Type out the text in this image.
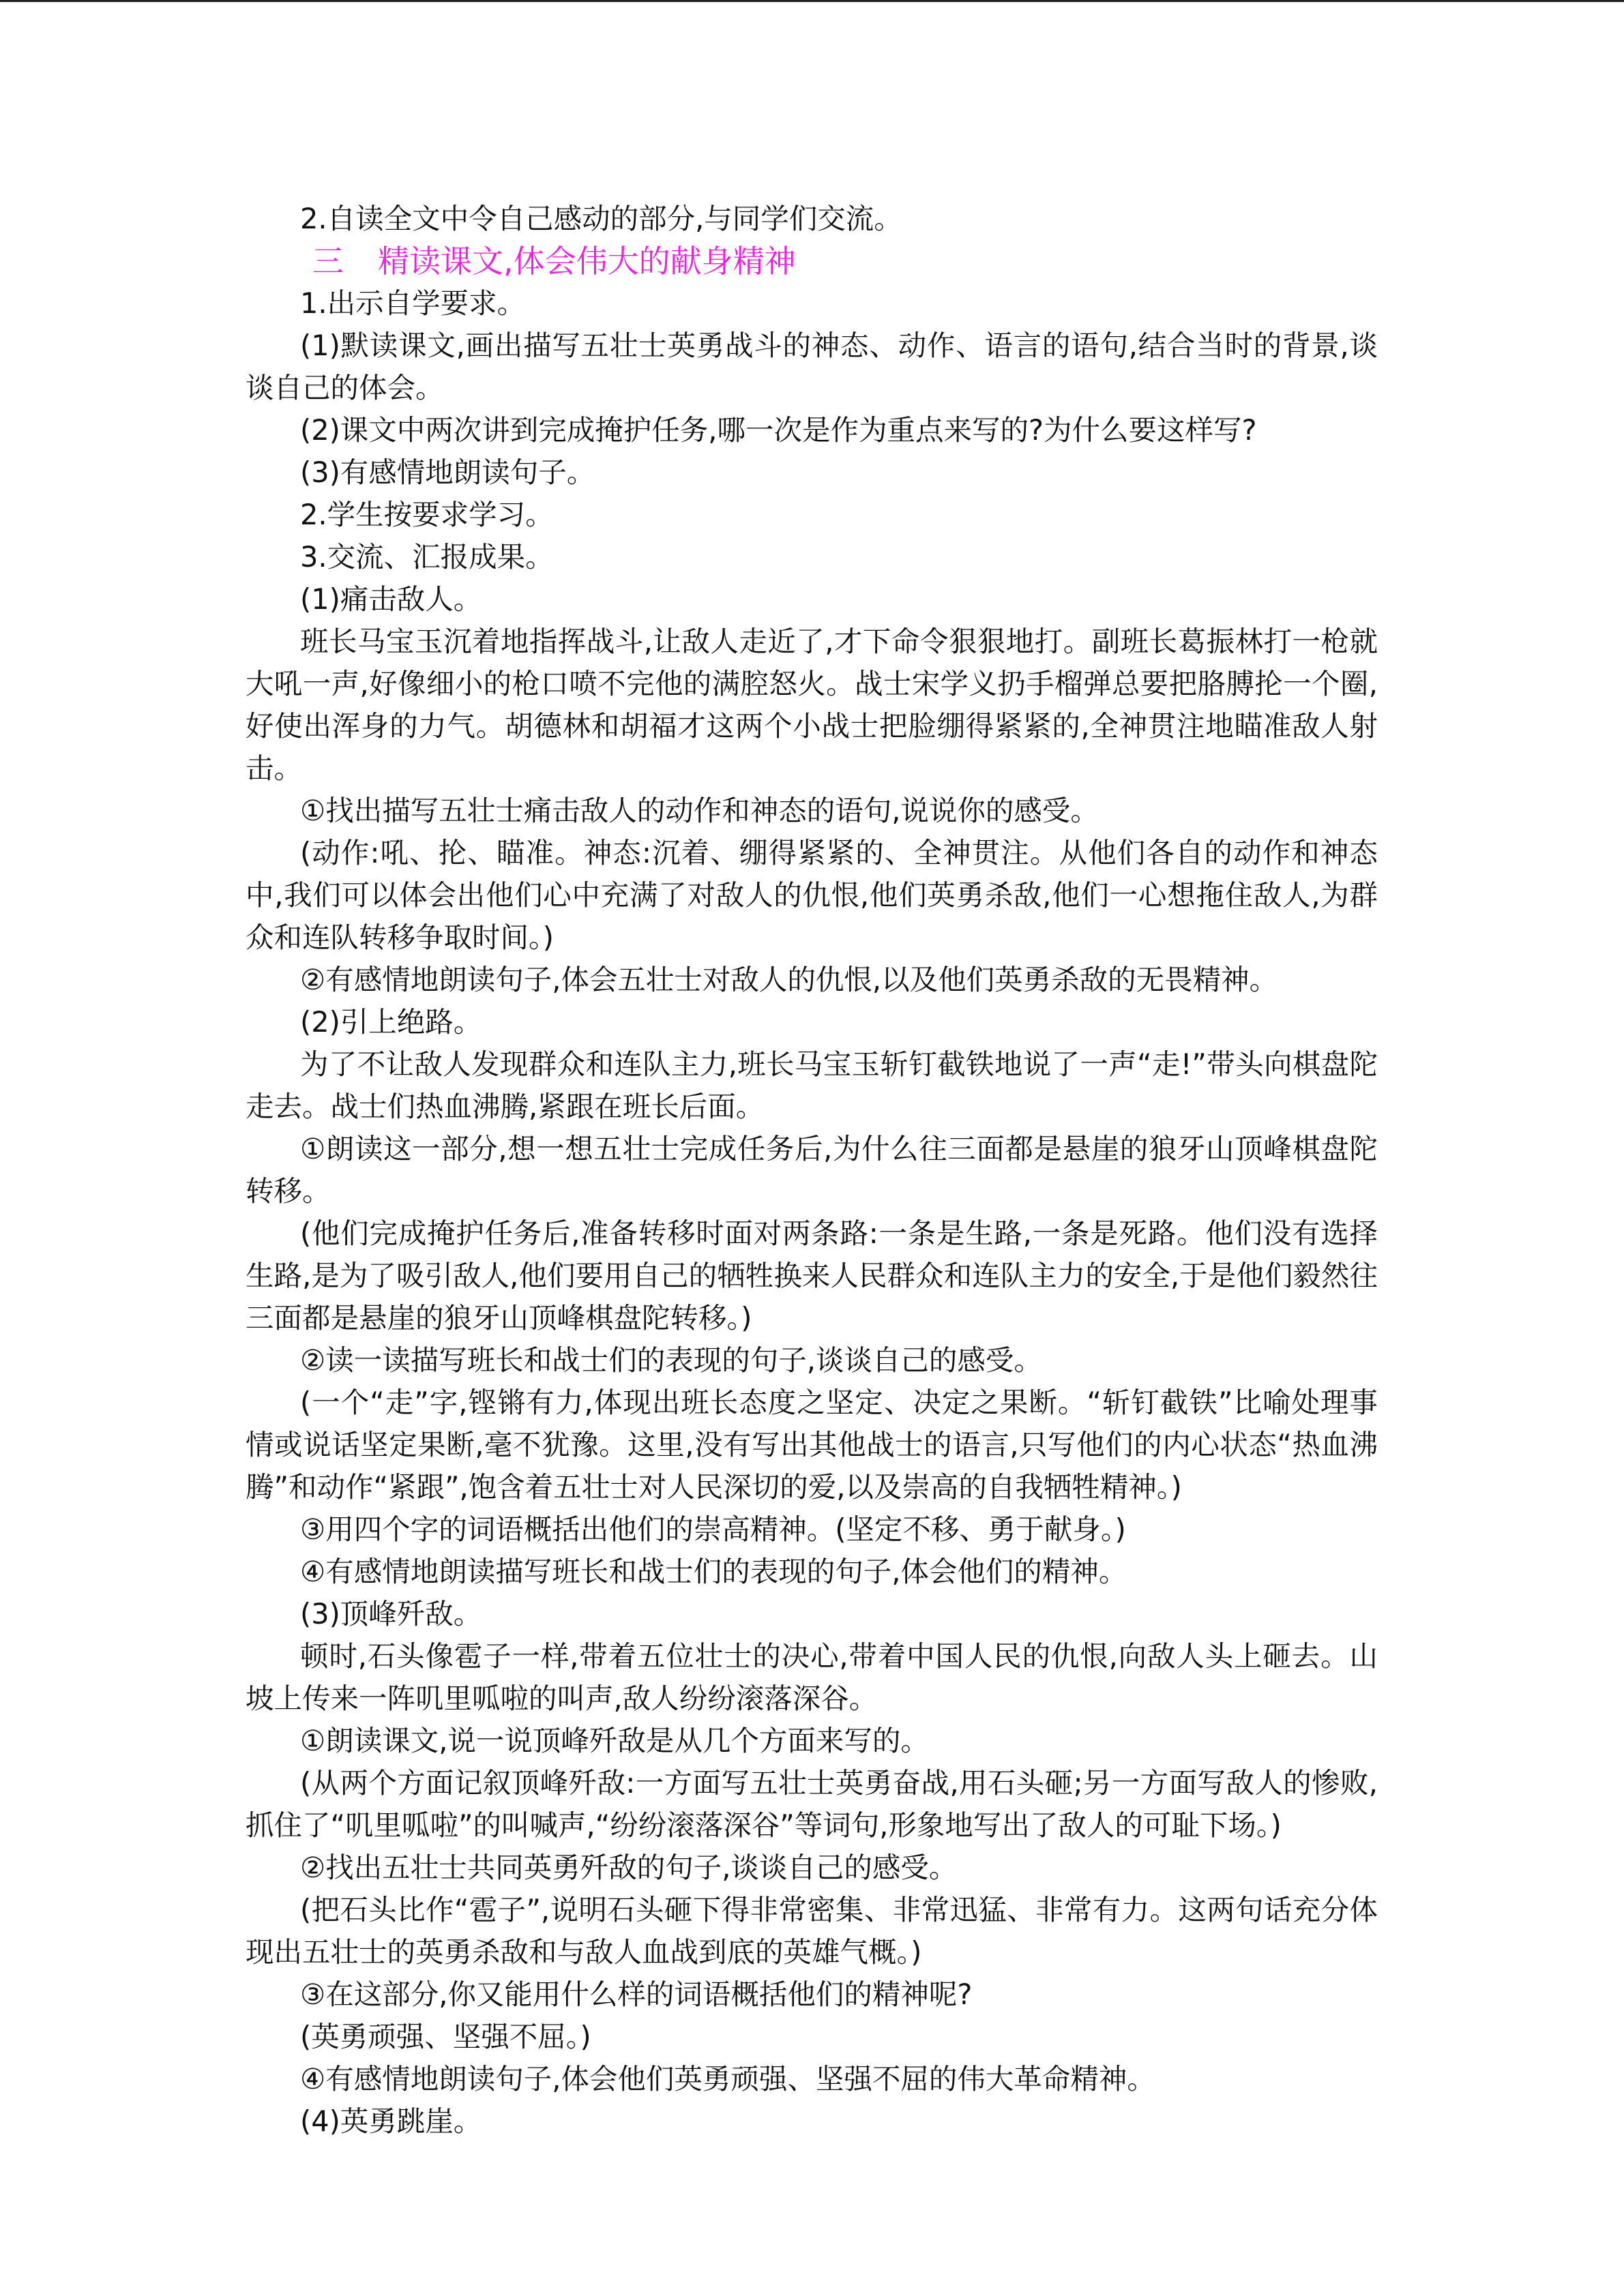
2.自读全文中令自己感动的部分,与同学们交流。

三 精读课文,体会伟大的献身精神

1.出示自学要求。

(1)默读课文,画出描写五壮士英勇战斗的神态、动作、语言的语句,结合当时的背景,谈谈自己的体会。

(2)课文中两次讲到完成掩护任务,哪一次是作为重点来写的?为什么要这样写?

(3)有感情地朗读句子。

2.学生按要求学习。

3.交流、汇报成果。

(1)痛击敌人。

班长马宝玉沉着地指挥战斗,让敌人走近了,才下命令狠狠地打。副班长葛振林打一枪就大吼一声,好像细小的枪口喷不完他的满腔怒火。战士宋学义扔手榴弹总要把胳膊抡一个圈,好使出浑身的力气。胡德林和胡福才这两个小战士把脸绷得紧紧的,全神贯注地瞄准敌人射击。

①找出描写五壮士痛击敌人的动作和神态的语句,说说你的感受。

(动作:吼、抡、瞄准。神态:沉着、绷得紧紧的、全神贯注。从他们各自的动作和神态中,我们可以体会出他们心中充满了对敌人的仇恨,他们英勇杀敌,他们一心想拖住敌人,为群众和连队转移争取时间。)

②有感情地朗读句子,体会五壮士对敌人的仇恨,以及他们英勇杀敌的无畏精神。

(2)引上绝路。

为了不让敌人发现群众和连队主力,班长马宝玉斩钉截铁地说了一声“走!”带头向棋盘陀走去。战士们热血沸腾,紧跟在班长后面。

①朗读这一部分,想一想五壮士完成任务后,为什么往三面都是悬崖的狼牙山顶峰棋盘陀转移。

(他们完成掩护任务后,准备转移时面对两条路:一条是生路,一条是死路。他们没有选择生路,是为了吸引敌人,他们要用自己的牺牲换来人民群众和连队主力的安全,于是他们毅然往三面都是悬崖的狼牙山顶峰棋盘陀转移。)

②读一读描写班长和战士们的表现的句子,谈谈自己的感受。

(一个“走”字,铿锵有力,体现出班长态度之坚定、决定之果断。“斩钉截铁”比喻处理事情或说话坚定果断,毫不犹豫。这里,没有写出其他战士的语言,只写他们的内心状态“热血沸腾”和动作“紧跟”,饱含着五壮士对人民深切的爱,以及崇高的自我牺牲精神。)

③用四个字的词语概括出他们的崇高精神。(坚定不移、勇于献身。)

④有感情地朗读描写班长和战士们的表现的句子,体会他们的精神。

(3)顶峰歼敌。

顿时,石头像雹子一样,带着五位壮士的决心,带着中国人民的仇恨,向敌人头上砸去。山坡上传来一阵叽里呱啦的叫声,敌人纷纷滚落深谷。

①朗读课文,说一说顶峰歼敌是从几个方面来写的。

(从两个方面记叙顶峰歼敌:一方面写五壮士英勇奋战,用石头砸;另一方面写敌人的惨败,抓住了“叽里呱啦”的叫喊声,“纷纷滚落深谷”等词句,形象地写出了敌人的可耻下场。)

②找出五壮士共同英勇歼敌的句子,谈谈自己的感受。

(把石头比作“雹子”,说明石头砸下得非常密集、非常迅猛、非常有力。这两句话充分体现出五壮士的英勇杀敌和与敌人血战到底的英雄气概。)

③在这部分,你又能用什么样的词语概括他们的精神呢?

(英勇顽强、坚强不屈。)

④有感情地朗读句子,体会他们英勇顽强、坚强不屈的伟大革命精神。

(4)英勇跳崖。
